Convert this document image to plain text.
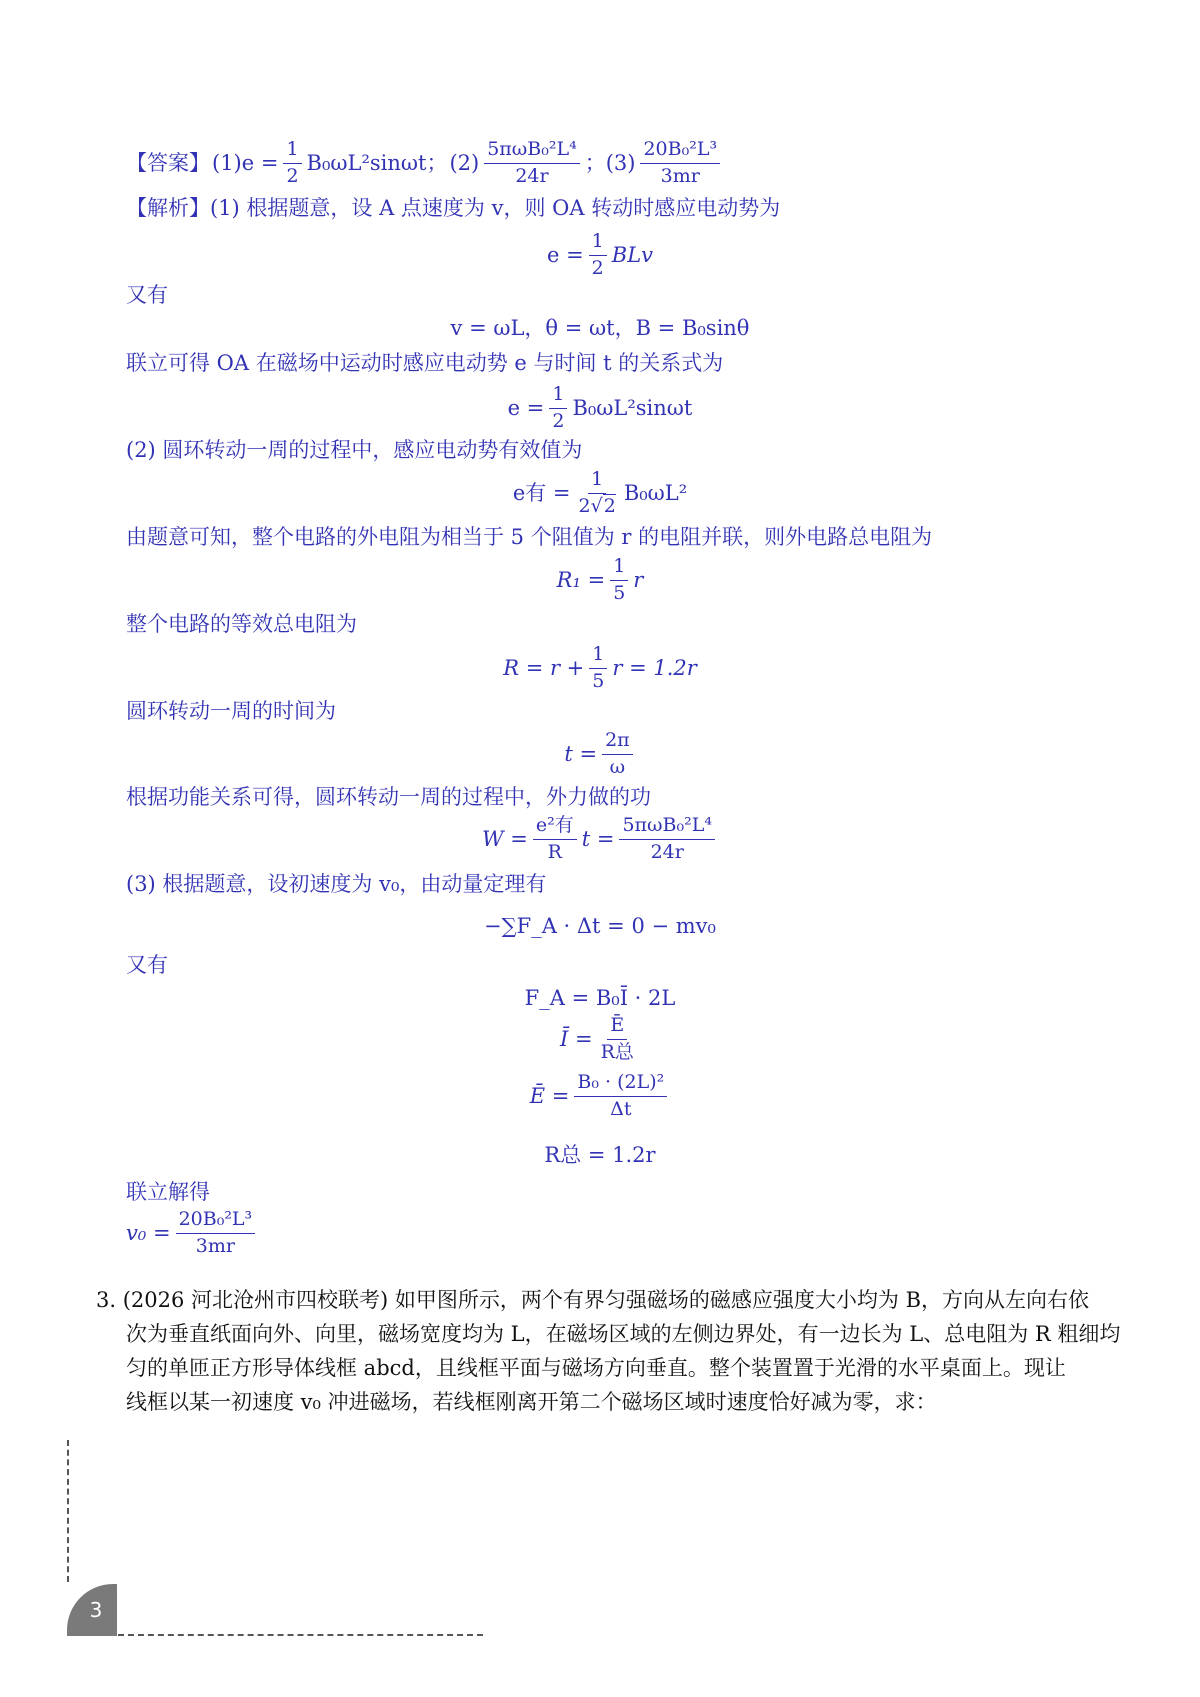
【答案】 $(1)e = \frac{1}{2} B_0\omega L^2\sin\omega t$； $(2) \frac{\text{5πωB₀²L⁴}}{24r}$ ；$(3) \frac{\text{20B₀²L³}}{3mr}$
【解析】(1) 根据题意，设 A 点速度为 v，则 OA 转动时感应电动势为
$e = \frac{1}{2}$ BLv
又有
v = ωL，θ = ωt，B = B₀sinθ
联立可得 OA 在磁场中运动时感应电动势 e 与时间 t 的关系式为
$e = \frac{1}{2} B_0\omega L^2\sin\omega t$
(2) 圆环转动一周的过程中，感应电动势有效值为
e有 = $\frac{1}{2√2} B_0\omega L^2$
由题意可知，整个电路的外电阻为相当于 5 个阻值为 r 的电阻并联，则外电路总电阻为
$R_1 = \frac{1}{5}$ r
整个电路的等效总电阻为
$R = r + \frac{1}{5}$ r = 1.2r
圆环转动一周的时间为
$t = \frac{2\pi}{\omega}$
根据功能关系可得，圆环转动一周的过程中，外力做的功
$W = \frac{\text{e²有}}{R}$ $t = \frac{\text{5πωB₀²L⁴}}{24r}$
(3) 根据题意，设初速度为 v₀，由动量定理有
−∑F_A · Δt = 0 − mv₀
又有
F_A = B₀Ī · 2L
Ī = $\frac{Ē}{\text{R总}}$
Ē = $\frac{\text{B₀ · (2L)²}}{\Delta t}$
R总 = 1.2r
联立解得
$v_0 = \frac{\text{20B₀²L³}}{3mr}$
3. (2026 河北沧州市四校联考) 如甲图所示，两个有界匀强磁场的磁感应强度大小均为 B，方向从左向右依
次为垂直纸面向外、向里，磁场宽度均为 L，在磁场区域的左侧边界处，有一边长为 L、总电阻为 R 粗细均
匀的单匝正方形导体线框 abcd，且线框平面与磁场方向垂直。整个装置置于光滑的水平桌面上。现让
线框以某一初速度 v₀ 冲进磁场，若线框刚离开第二个磁场区域时速度恰好减为零，求：
3
